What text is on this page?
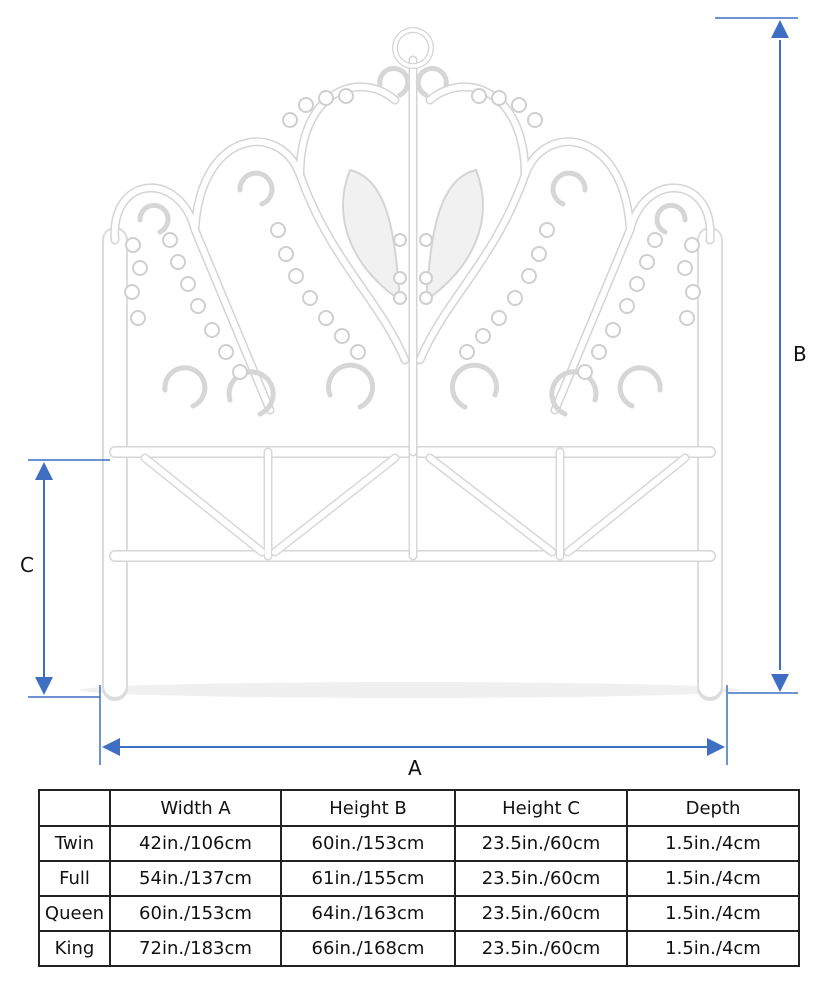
B
C
A
	Width A	Height B	Height C	Depth
Twin	42in./106cm	60in./153cm	23.5in./60cm	1.5in./4cm
Full	54in./137cm	61in./155cm	23.5in./60cm	1.5in./4cm
Queen	60in./153cm	64in./163cm	23.5in./60cm	1.5in./4cm
King	72in./183cm	66in./168cm	23.5in./60cm	1.5in./4cm
